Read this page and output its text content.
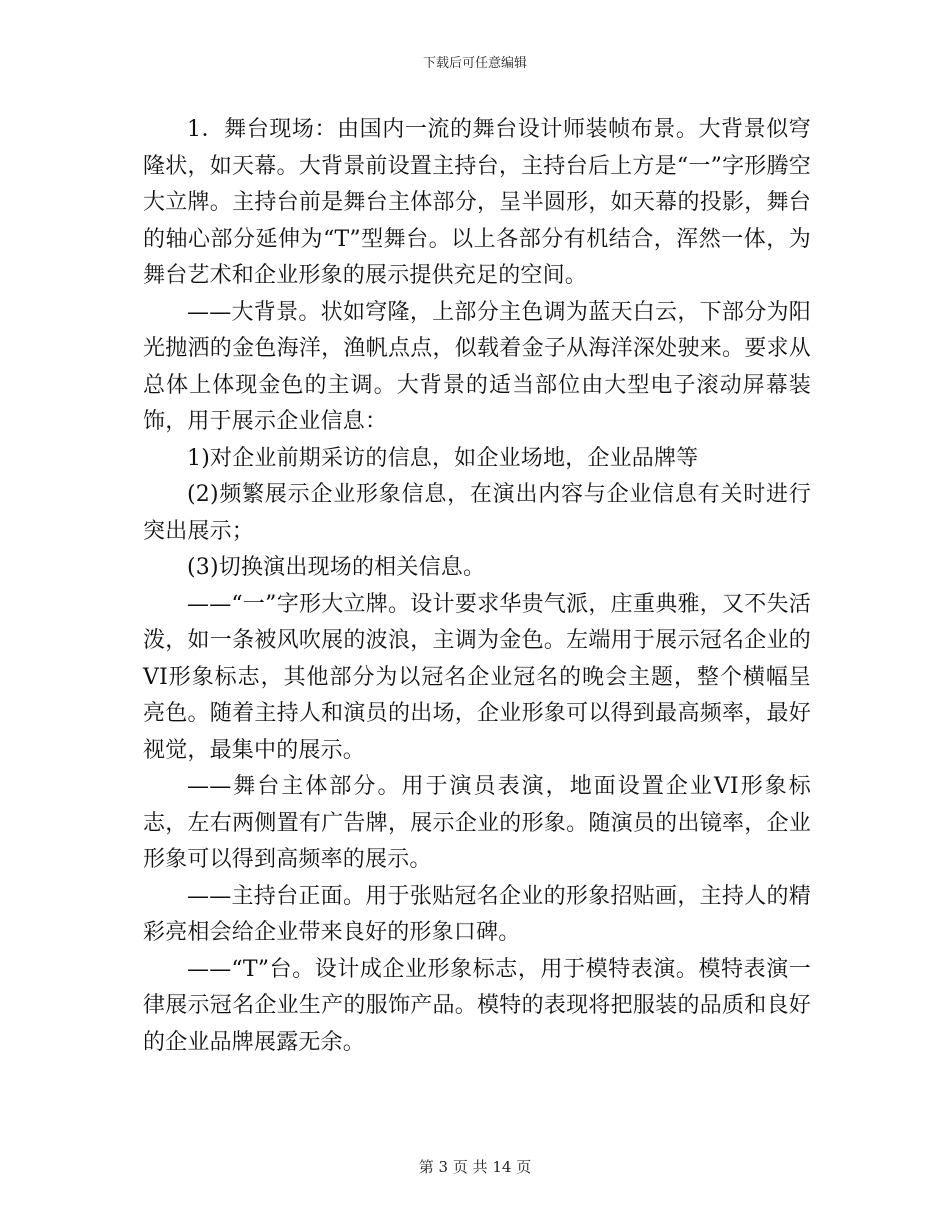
下载后可任意编辑

1．舞台现场：由国内一流的舞台设计师装帧布景。大背景似穹隆状，如天幕。大背景前设置主持台，主持台后上方是“一”字形腾空大立牌。主持台前是舞台主体部分，呈半圆形，如天幕的投影，舞台的轴心部分延伸为“T”型舞台。以上各部分有机结合，浑然一体，为舞台艺术和企业形象的展示提供充足的空间。

——大背景。状如穹隆，上部分主色调为蓝天白云，下部分为阳光抛洒的金色海洋，渔帆点点，似载着金子从海洋深处驶来。要求从总体上体现金色的主调。大背景的适当部位由大型电子滚动屏幕装饰，用于展示企业信息：

1)对企业前期采访的信息，如企业场地，企业品牌等

(2)频繁展示企业形象信息，在演出内容与企业信息有关时进行突出展示；

(3)切换演出现场的相关信息。

——“一”字形大立牌。设计要求华贵气派，庄重典雅，又不失活泼，如一条被风吹展的波浪，主调为金色。左端用于展示冠名企业的VI形象标志，其他部分为以冠名企业冠名的晚会主题，整个横幅呈亮色。随着主持人和演员的出场，企业形象可以得到最高频率，最好视觉，最集中的展示。

——舞台主体部分。用于演员表演，地面设置企业VI形象标志，左右两侧置有广告牌，展示企业的形象。随演员的出镜率，企业形象可以得到高频率的展示。

——主持台正面。用于张贴冠名企业的形象招贴画，主持人的精彩亮相会给企业带来良好的形象口碑。

——“T”台。设计成企业形象标志，用于模特表演。模特表演一律展示冠名企业生产的服饰产品。模特的表现将把服装的品质和良好的企业品牌展露无余。

第 3 页 共 14 页
